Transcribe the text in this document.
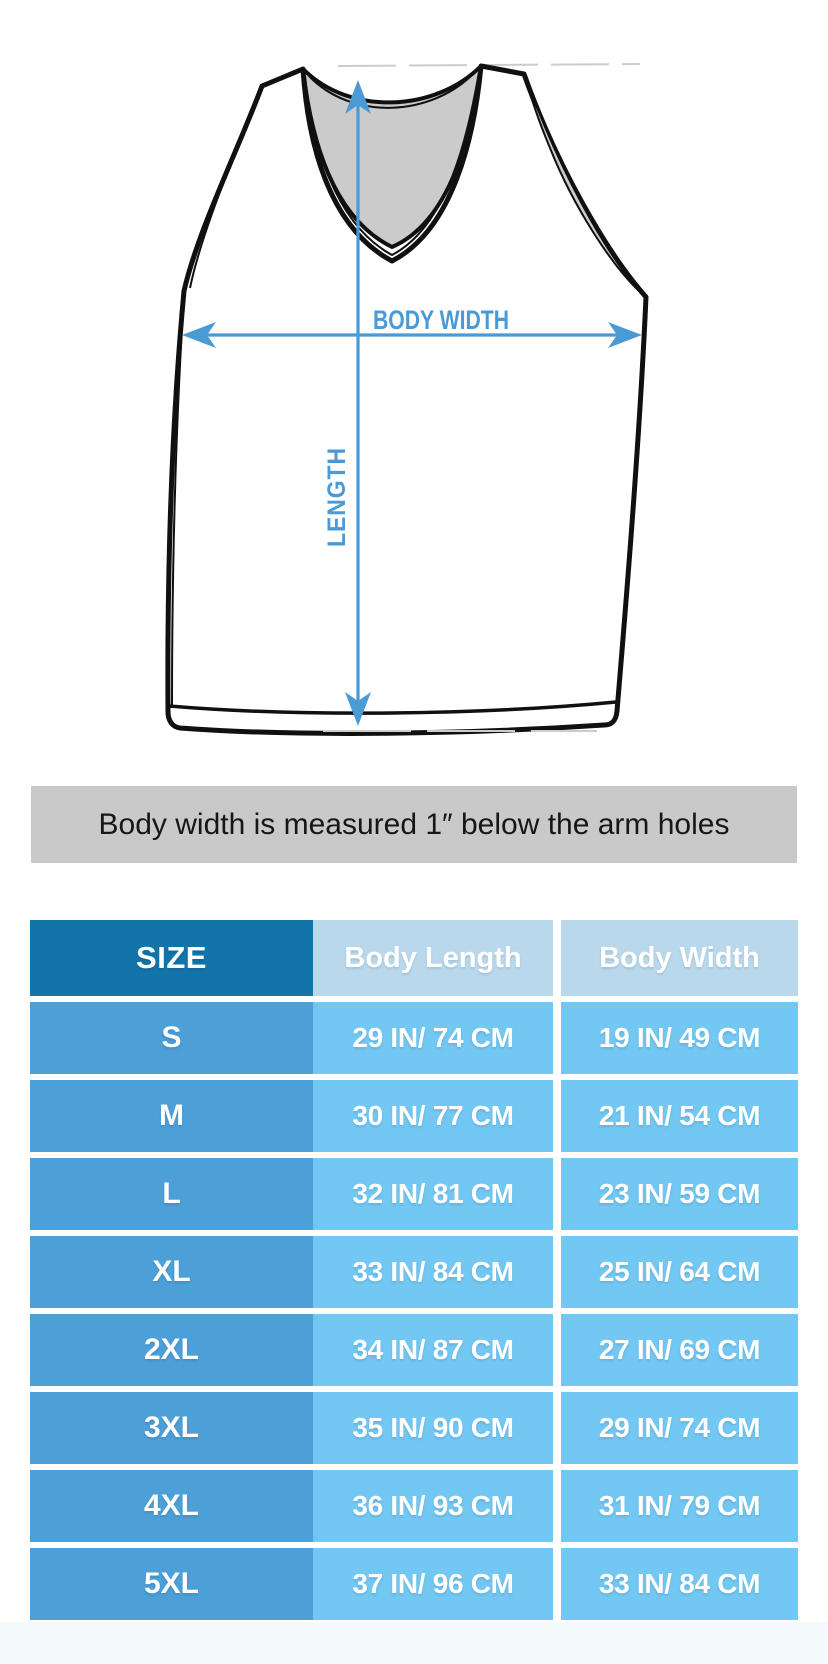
BODY WIDTH
LENGTH
Body width is measured 1″ below the arm holes
SIZE	Body Length	Body Width
S	29 IN/ 74 CM	19 IN/ 49 CM
M	30 IN/ 77 CM	21 IN/ 54 CM
L	32 IN/ 81 CM	23 IN/ 59 CM
XL	33 IN/ 84 CM	25 IN/ 64 CM
2XL	34 IN/ 87 CM	27 IN/ 69 CM
3XL	35 IN/ 90 CM	29 IN/ 74 CM
4XL	36 IN/ 93 CM	31 IN/ 79 CM
5XL	37 IN/ 96 CM	33 IN/ 84 CM
